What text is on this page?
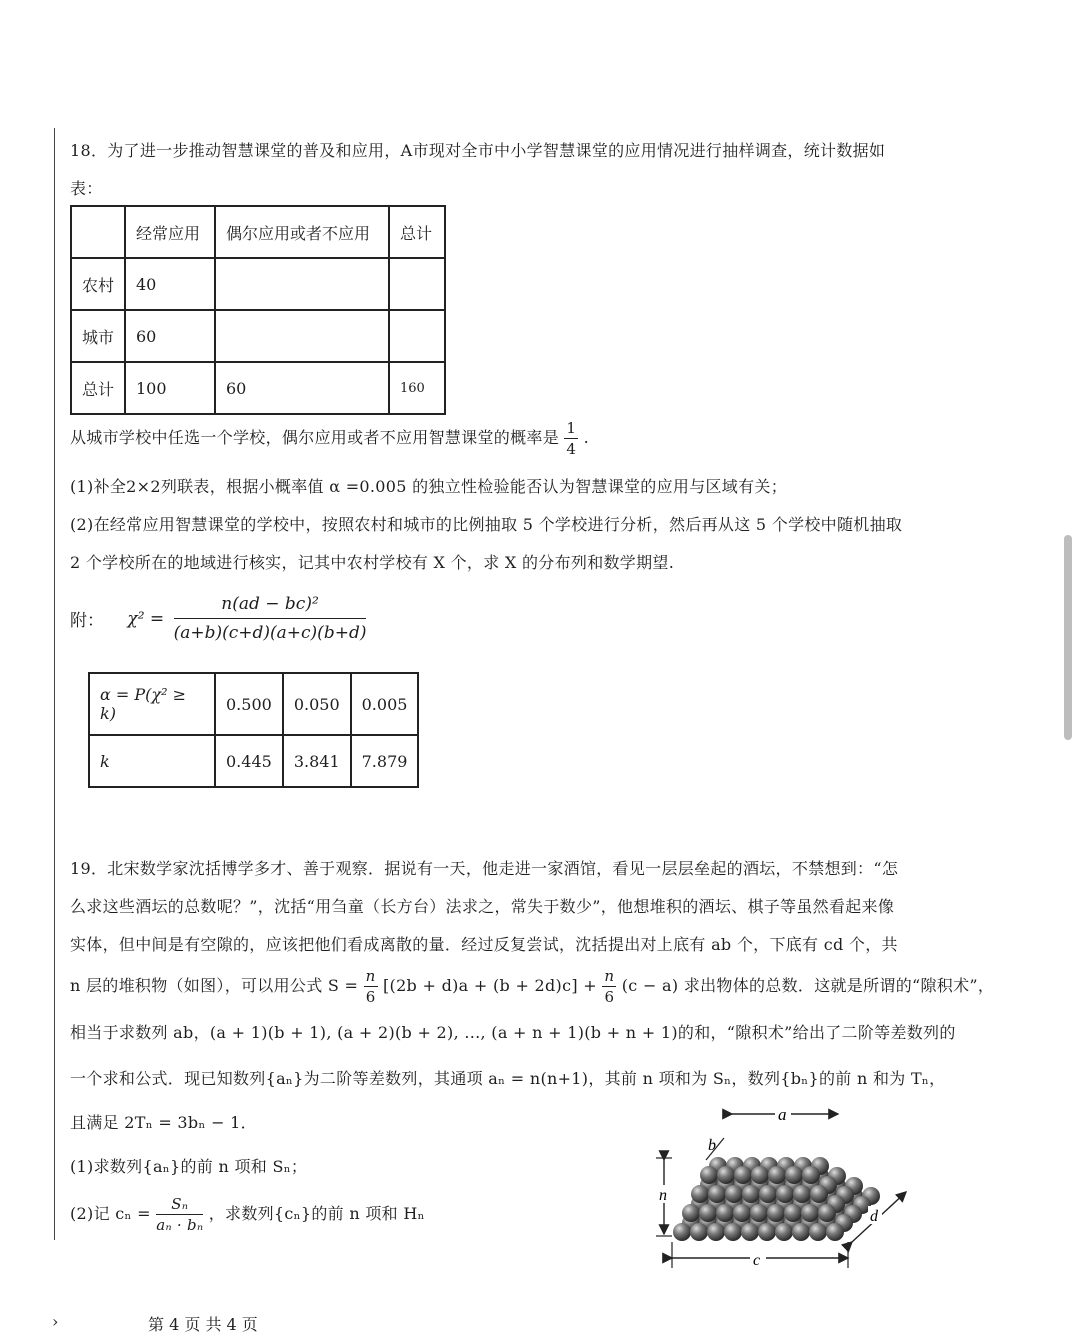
18．为了进一步推动智慧课堂的普及和应用，A市现对全市中小学智慧课堂的应用情况进行抽样调查，统计数据如
表：
	经常应用	偶尔应用或者不应用	总计
农村	40		
城市	60		
总计	100	60	160
从城市学校中任选一个学校，偶尔应用或者不应用智慧课堂的概率是 $\frac{1}{4}$ .
(1)补全2×2列联表，根据小概率值 α =0.005 的独立性检验能否认为智慧课堂的应用与区域有关；
(2)在经常应用智慧课堂的学校中，按照农村和城市的比例抽取 5 个学校进行分析，然后再从这 5 个学校中随机抽取
2 个学校所在的地域进行核实，记其中农村学校有 X 个，求 X 的分布列和数学期望.
附： $\chi^2 = \frac{\text{n(ad − bc)²}}{(a+b)(c+d)(a+c)(b+d)}$
α = P(χ² ≥ k)	0.500	0.050	0.005
k	0.445	3.841	7.879
19．北宋数学家沈括博学多才、善于观察．据说有一天，他走进一家酒馆，看见一层层垒起的酒坛，不禁想到：“怎
么求这些酒坛的总数呢？”，沈括“用刍童（长方台）法求之，常失于数少”，他想堆积的酒坛、棋子等虽然看起来像
实体，但中间是有空隙的，应该把他们看成离散的量．经过反复尝试，沈括提出对上底有 ab 个，下底有 cd 个，共
n 层的堆积物（如图），可以用公式 $S = \frac{n}{6} [(2b + d)a + (b + 2d)c] + \frac{n}{6} (c - a)$ 求出物体的总数．这就是所谓的“隙积术”，
相当于求数列 ab，(a + 1)(b + 1), (a + 2)(b + 2), ..., (a + n + 1)(b + n + 1)的和，“隙积术”给出了二阶等差数列的
一个求和公式．现已知数列{aₙ}为二阶等差数列，其通项 aₙ = n(n+1)，其前 n 项和为 Sₙ，数列{bₙ}的前 n 和为 Tₙ，
且满足 2Tₙ = 3bₙ − 1．
(1)求数列{aₙ}的前 n 项和 Sₙ；
(2)记 $c_n = \frac{\text{Sₙ}}{\text{aₙ · bₙ}}$ ，求数列{cₙ}的前 n 项和 Hₙ
a
b
n
c
d
›	第 4 页 共 4 页
